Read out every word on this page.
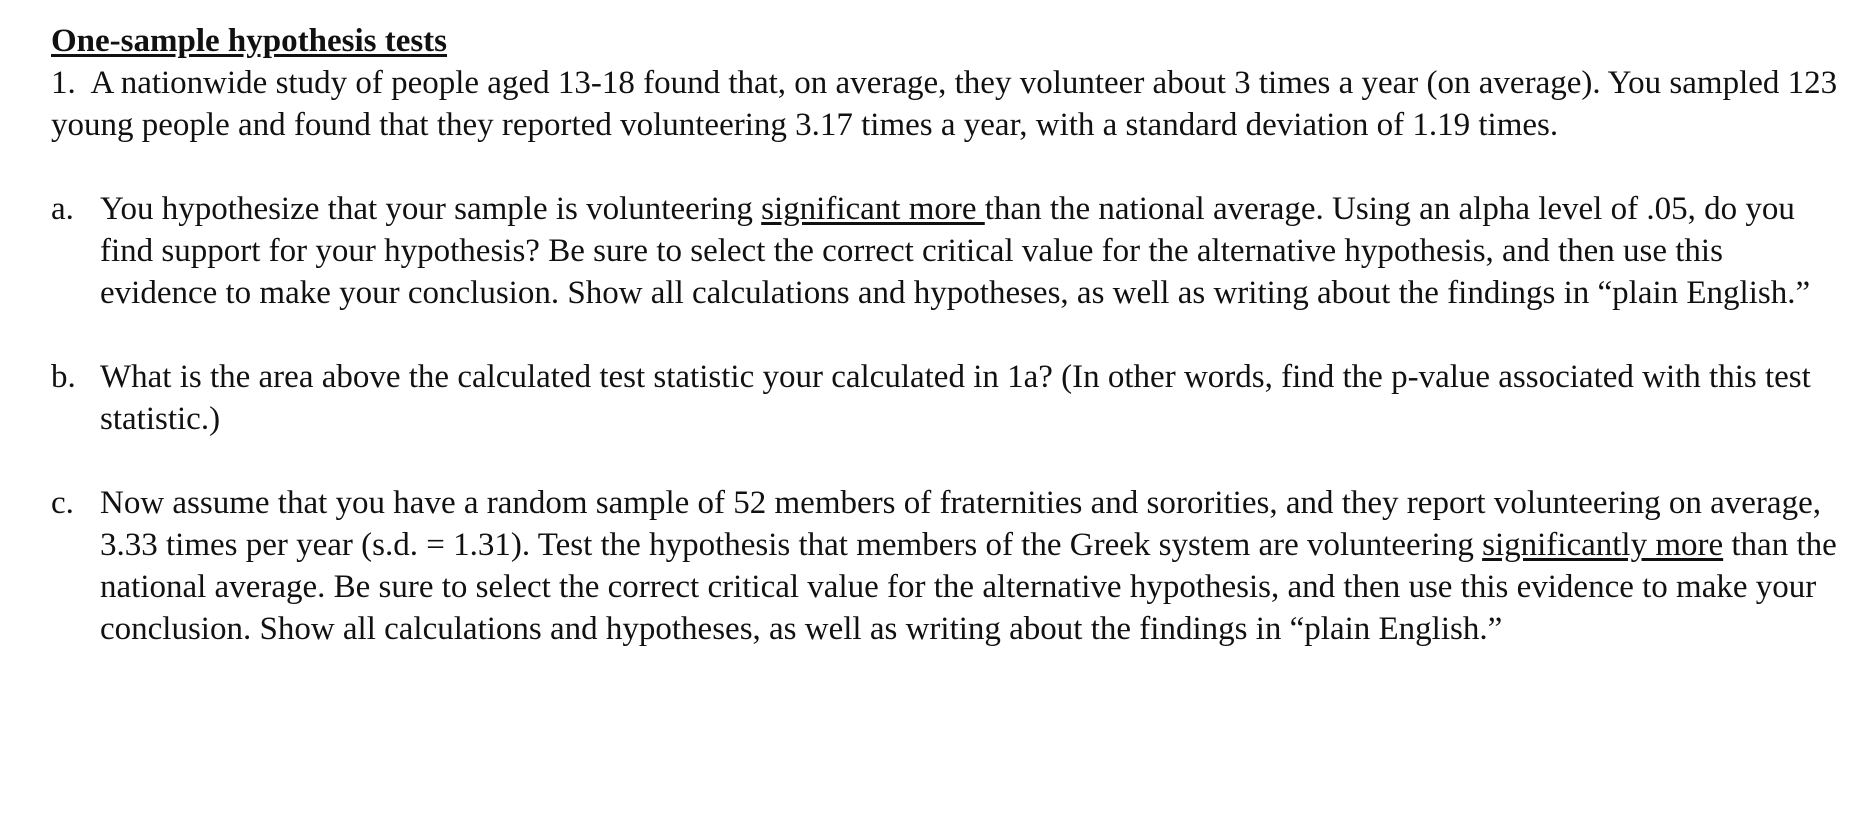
One-sample hypothesis tests

1. A nationwide study of people aged 13-18 found that, on average, they volunteer about 3 times a year (on average). You sampled 123 young people and found that they reported volunteering 3.17 times a year, with a standard deviation of 1.19 times.

a. You hypothesize that your sample is volunteering significant more than the national average. Using an alpha level of .05, do you find support for your hypothesis? Be sure to select the correct critical value for the alternative hypothesis, and then use this evidence to make your conclusion. Show all calculations and hypotheses, as well as writing about the findings in “plain English.”
b. What is the area above the calculated test statistic your calculated in 1a? (In other words, find the p-value associated with this test statistic.)
c. Now assume that you have a random sample of 52 members of fraternities and sororities, and they report volunteering on average, 3.33 times per year (s.d. = 1.31). Test the hypothesis that members of the Greek system are volunteering significantly more than the national average. Be sure to select the correct critical value for the alternative hypothesis, and then use this evidence to make your conclusion. Show all calculations and hypotheses, as well as writing about the findings in “plain English.”
